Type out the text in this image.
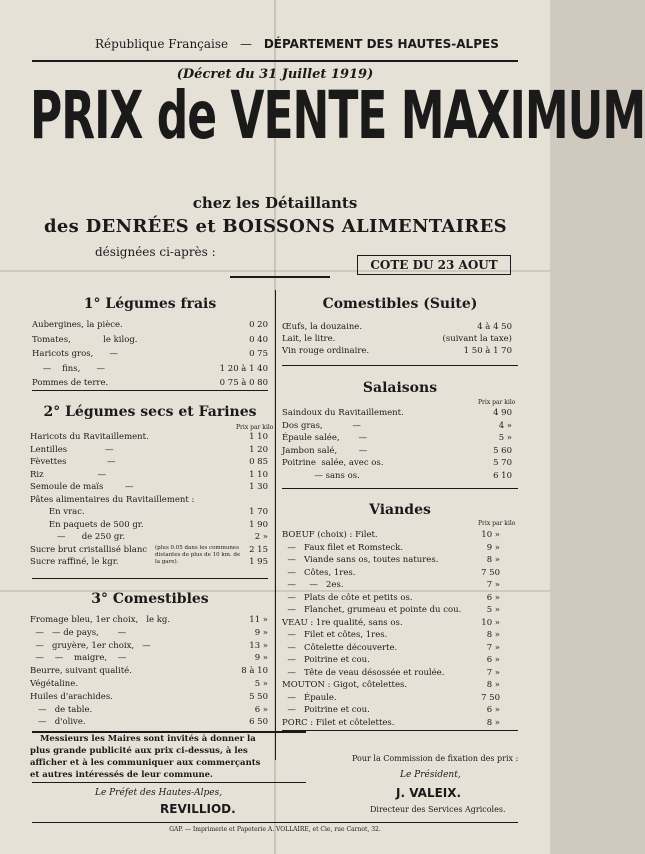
République Française — DÉPARTEMENT DES HAUTES-ALPES
(Décret du 31 Juillet 1919)
PRIX de VENTE MAXIMUM
chez les Détaillants
des DENRÉES et BOISSONS ALIMENTAIRES
désignées ci-après :
COTE DU 23 AOUT
1° Légumes frais
Aubergines, la pièce.	0 20
Tomates,            le kilog.	0 40
Haricots gros,      —	0 75
—    fins,      —	1 20 à 1 40
Pommes de terre.	0 75 à 0 80
2° Légumes secs et Farines
Prix par kilo
Haricots du Ravitaillement.	1 10
Lentilles              —	1 20
Fèvettes               —	0 85
Riz                    —	1 10
Semoule de maïs        —	1 30
Pâtes alimentaires du Ravitaillement :
En vrac.	1 70
En paquets de 500 gr.	1 90
—      de 250 gr.	2 »
Sucre brut cristallisé blanc	2 15
Sucre raffiné, le kgr.	1 95
(plus 0.05 dans les communes distantes de plus de 10 km. de la gare).
3° Comestibles
Fromage bleu, 1er choix,   le kg.	11 »
—   — de pays,       —	9 »
—   gruyère, 1er choix,   —	13 »
—    —    maigre,    —	9 »
Beurre, suivant qualité.	8 à 10
Végétaline.	5 »
Huiles d'arachides.	5 50
—   de table.	6 »
—   d'olive.	6 50
Messieurs les Maires sont invités à donner la
plus grande publicité aux prix ci-dessus, à les
afficher et à les communiquer aux commerçants
et autres intéressés de leur commune.
Le Préfet des Hautes-Alpes,
REVILLIOD.
Comestibles (Suite)
Œufs, la douzaine.	4 à 4 50
Lait, le litre.	(suivant la taxe)
Vin rouge ordinaire.	1 50 à 1 70
Salaisons
Prix par kilo
Saindoux du Ravitaillement.	4 90
Dos gras,           —	4 »
Épaule salée,       —	5 »
Jambon salé,        —	5 60
Poitrine  salée, avec os.	5 70
— sans os.	6 10
Viandes
Prix par kilo
BOEUF (choix) : Filet.	10 »
—   Faux filet et Romsteck.	9 »
—   Viande sans os, toutes natures.	8 »
—   Côtes, 1res.	7 50
—     —   2es.	7 »
—   Plats de côte et petits os.	6 »
—   Flanchet, grumeau et pointe du cou.	5 »
VEAU : 1re qualité, sans os.	10 »
—   Filet et côtes, 1res.	8 »
—   Côtelette découverte.	7 »
—   Poitrine et cou.	6 »
—   Tête de veau désossée et roulée.	7 »
MOUTON : Gigot, côtelettes.	8 »
—   Épaule.	7 50
—   Poitrine et cou.	6 »
PORC : Filet et côtelettes.	8 »
Pour la Commission de fixation des prix :
Le Président,
J. VALEIX.
Directeur des Services Agricoles.
GAP. — Imprimerie et Papeterie A. VOLLAIRE, et Cie, rue Carnot, 32.
